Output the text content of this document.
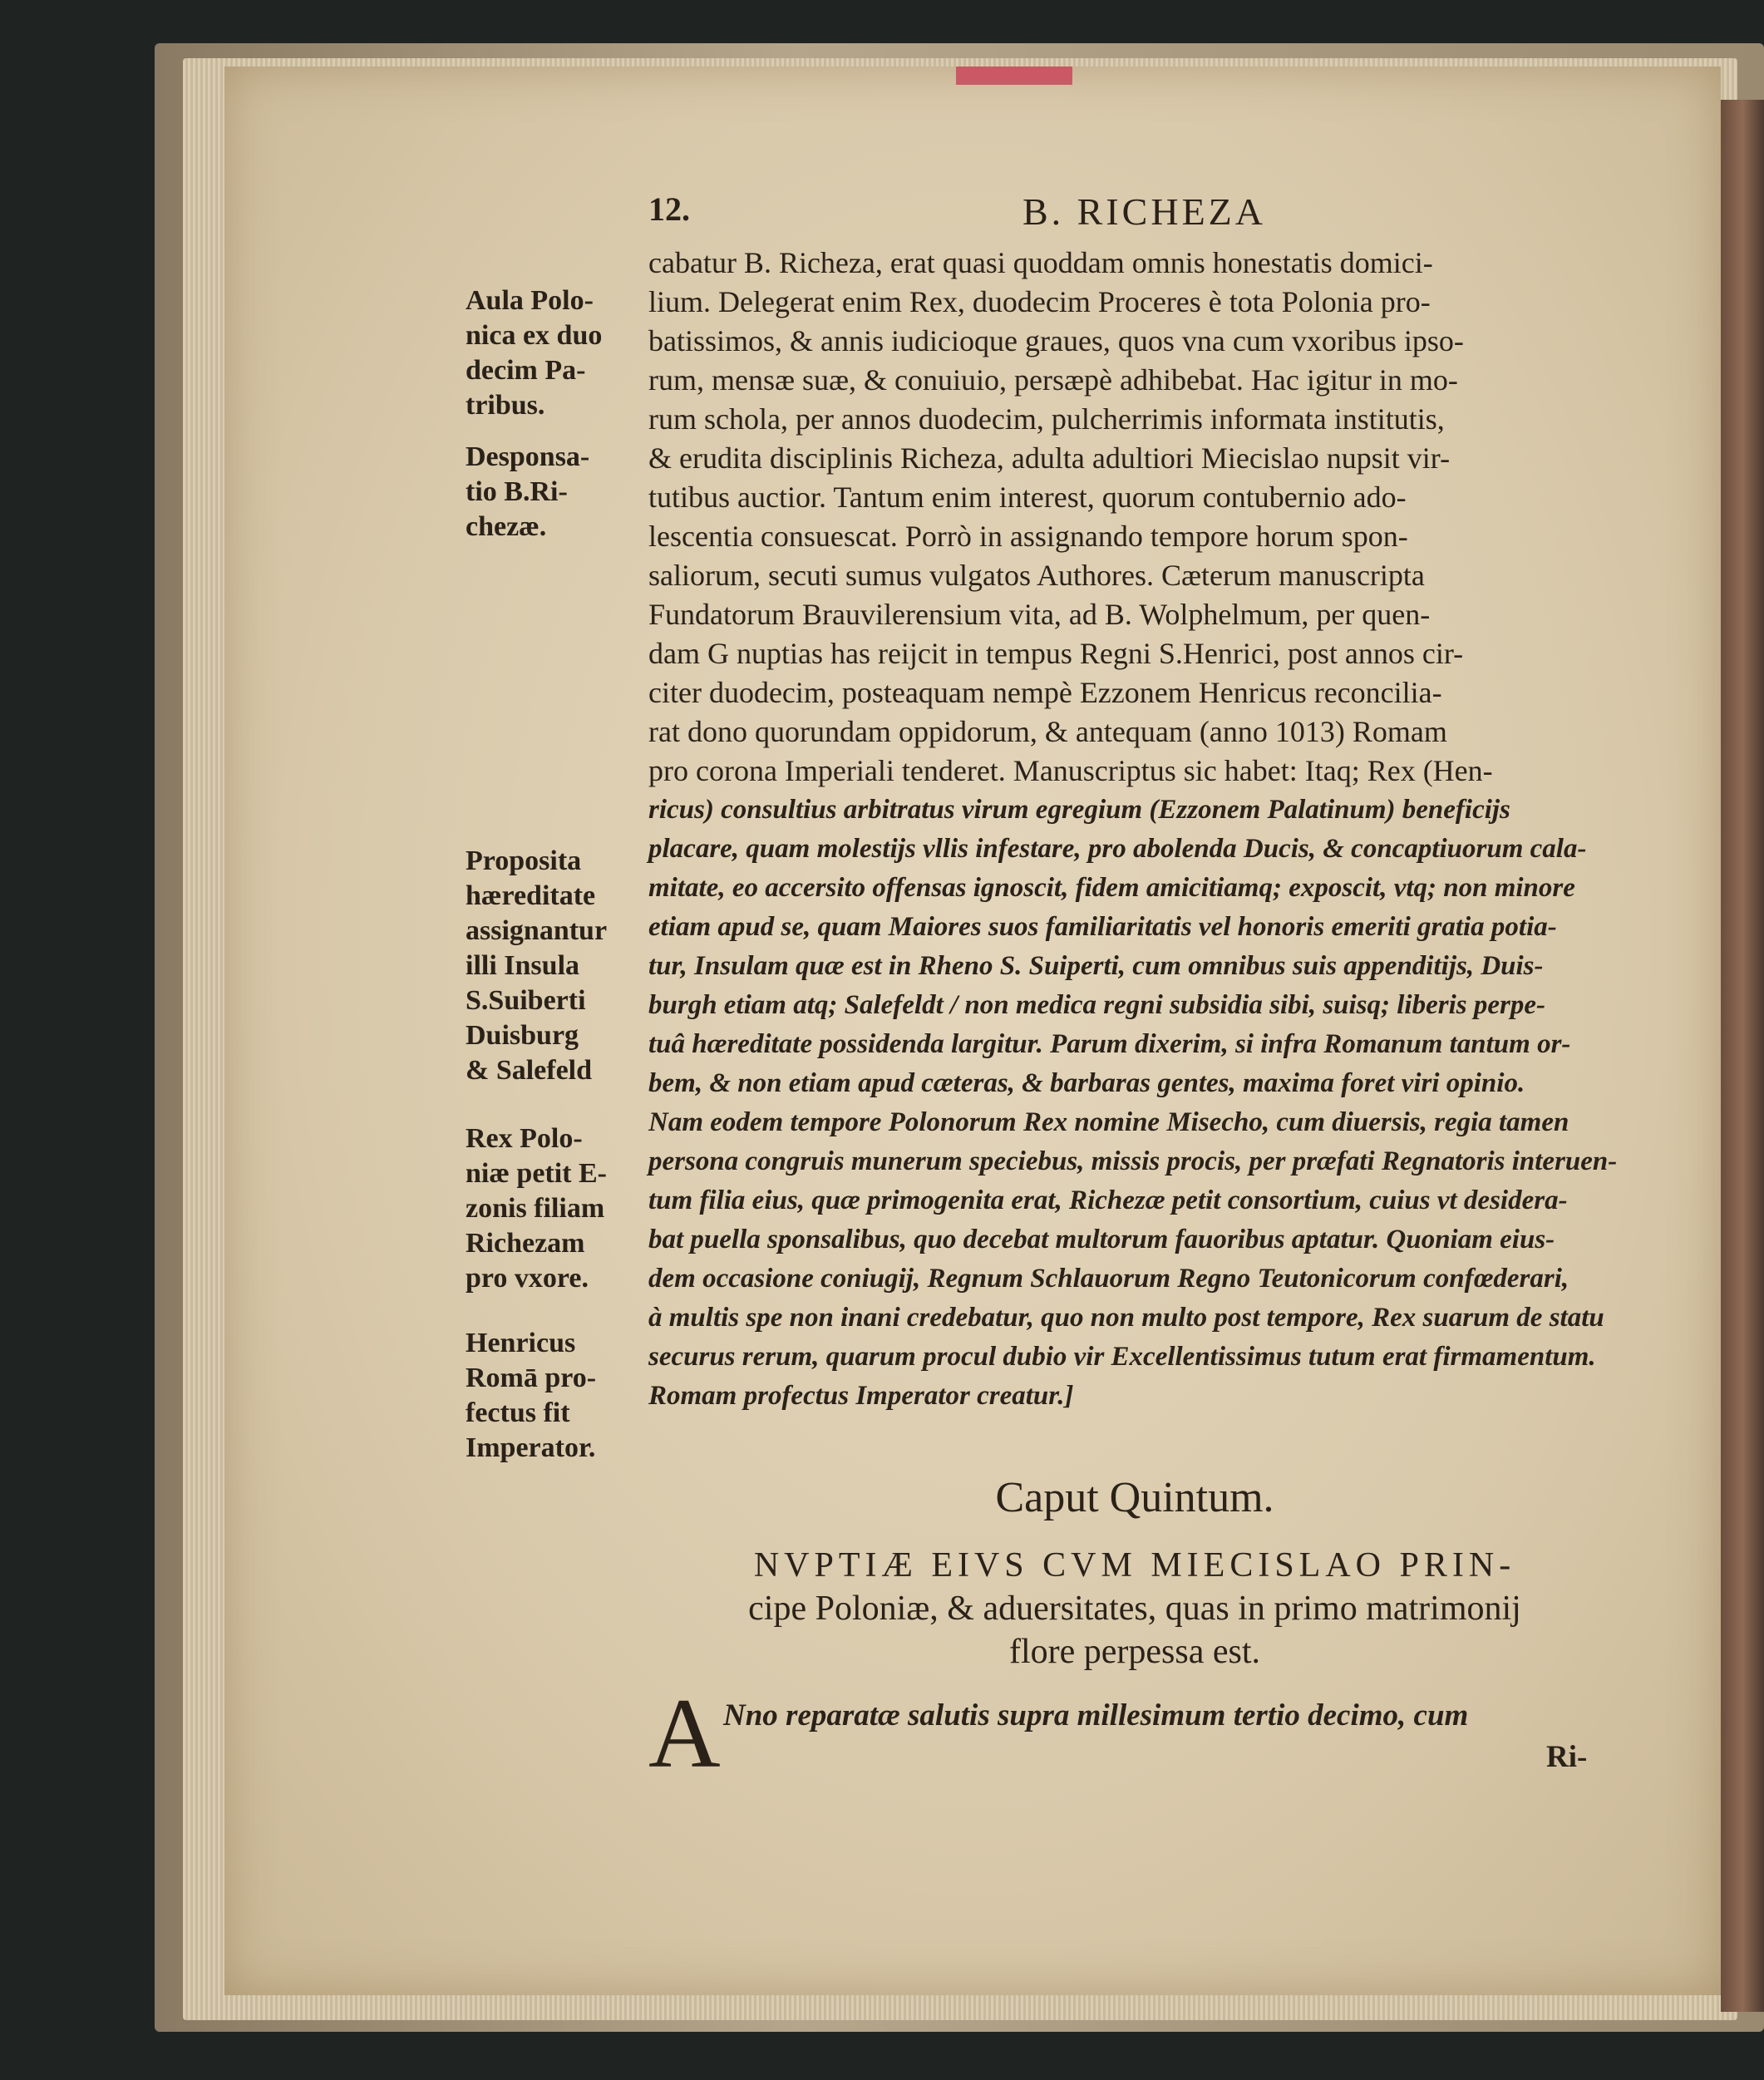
12.	B. RICHEZA
Aula Polo-
nica ex duo
decim Pa-
tribus.
Desponsa-
tio B.Ri-
chezæ.
Proposita
hæreditate
assignantur
illi Insula
S.Suiberti
Duisburg
& Salefeld
Rex Polo-
niæ petit E-
zonis filiam
Richezam
pro vxore.
Henricus
Romā pro-
fectus fit
Imperator.
cabatur B. Richeza, erat quasi quoddam omnis honestatis domici-
lium. Delegerat enim Rex, duodecim Proceres è tota Polonia pro-
batissimos, & annis iudicioque graues, quos vna cum vxoribus ipso-
rum, mensæ suæ, & conuiuio, persæpè adhibebat. Hac igitur in mo-
rum schola, per annos duodecim, pulcherrimis informata institutis,
& erudita disciplinis Richeza, adulta adultiori Miecislao nupsit vir-
tutibus auctior. Tantum enim interest, quorum contubernio ado-
lescentia consuescat. Porrò in assignando tempore horum spon-
saliorum, secuti sumus vulgatos Authores. Cæterum manuscripta
Fundatorum Brauvilerensium vita, ad B. Wolphelmum, per quen-
dam G nuptias has reijcit in tempus Regni S.Henrici, post annos cir-
citer duodecim, posteaquam nempè Ezzonem Henricus reconcilia-
rat dono quorundam oppidorum, & antequam (anno 1013) Romam
pro corona Imperiali tenderet. Manuscriptus sic habet: Itaq; Rex (Hen-
ricus) consultius arbitratus virum egregium (Ezzonem Palatinum) beneficijs
placare, quam molestijs vllis infestare, pro abolenda Ducis, & concaptiuorum cala-
mitate, eo accersito offensas ignoscit, fidem amicitiamq; exposcit, vtq; non minore
etiam apud se, quam Maiores suos familiaritatis vel honoris emeriti gratia potia-
tur, Insulam quæ est in Rheno S. Suiperti, cum omnibus suis appenditijs, Duis-
burgh etiam atq; Salefeldt / non medica regni subsidia sibi, suisq; liberis perpe-
tuâ hæreditate possidenda largitur. Parum dixerim, si infra Romanum tantum or-
bem, & non etiam apud cæteras, & barbaras gentes, maxima foret viri opinio.
Nam eodem tempore Polonorum Rex nomine Misecho, cum diuersis, regia tamen
persona congruis munerum speciebus, missis procis, per præfati Regnatoris interuen-
tum filia eius, quæ primogenita erat, Richezæ petit consortium, cuius vt desidera-
bat puella sponsalibus, quo decebat multorum fauoribus aptatur. Quoniam eius-
dem occasione coniugij, Regnum Schlauorum Regno Teutonicorum confœderari,
à multis spe non inani credebatur, quo non multo post tempore, Rex suarum de statu
securus rerum, quarum procul dubio vir Excellentissimus tutum erat firmamentum.
Romam profectus Imperator creatur.]
Caput Quintum.
NVPTIÆ EIVS CVM MIECISLAO PRIN-
cipe Poloniæ, & aduersitates, quas in primo matrimonij
flore perpessa est.
A Nno reparatæ salutis supra millesimum tertio decimo, cum
Ri-
